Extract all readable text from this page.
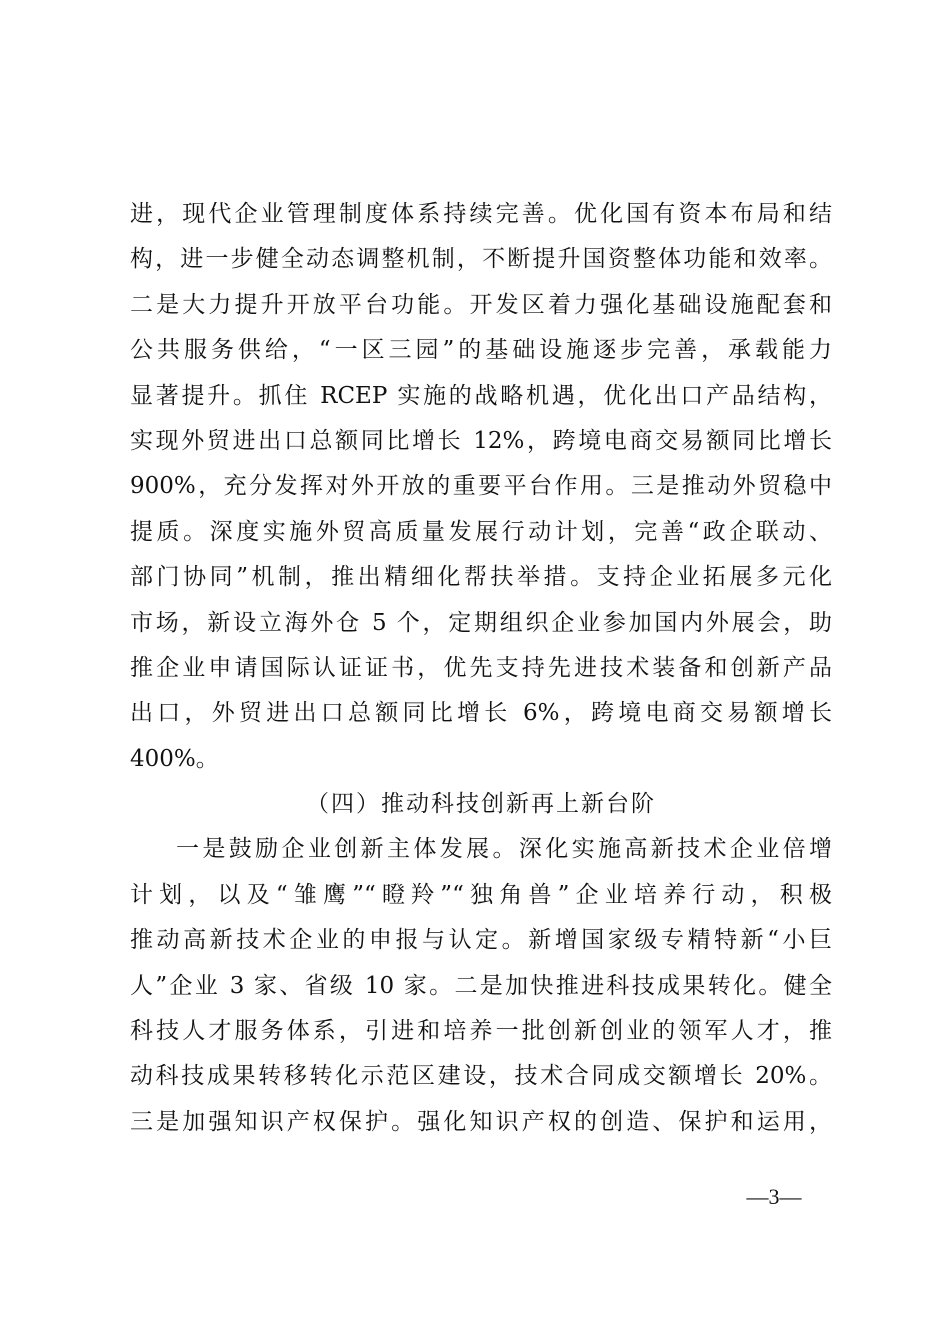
进，现代企业管理制度体系持续完善。优化国有资本布局和结
构，进一步健全动态调整机制，不断提升国资整体功能和效率。
二是大力提升开放平台功能。开发区着力强化基础设施配套和
公共服务供给，“一区三园”的基础设施逐步完善，承载能力
显著提升。抓住 RCEP 实施的战略机遇，优化出口产品结构，
实现外贸进出口总额同比增长 12%，跨境电商交易额同比增长
900%，充分发挥对外开放的重要平台作用。三是推动外贸稳中
提质。深度实施外贸高质量发展行动计划，完善“政企联动、
部门协同”机制，推出精细化帮扶举措。支持企业拓展多元化
市场，新设立海外仓 5 个，定期组织企业参加国内外展会，助
推企业申请国际认证证书，优先支持先进技术装备和创新产品
出口，外贸进出口总额同比增长 6%，跨境电商交易额增长
400%。
（四）推动科技创新再上新台阶
一是鼓励企业创新主体发展。深化实施高新技术企业倍增
计划，以及“雏鹰”“瞪羚”“独角兽”企业培养行动，积极
推动高新技术企业的申报与认定。新增国家级专精特新“小巨
人”企业 3 家、省级 10 家。二是加快推进科技成果转化。健全
科技人才服务体系，引进和培养一批创新创业的领军人才，推
动科技成果转移转化示范区建设，技术合同成交额增长 20%。
三是加强知识产权保护。强化知识产权的创造、保护和运用，
—3—
